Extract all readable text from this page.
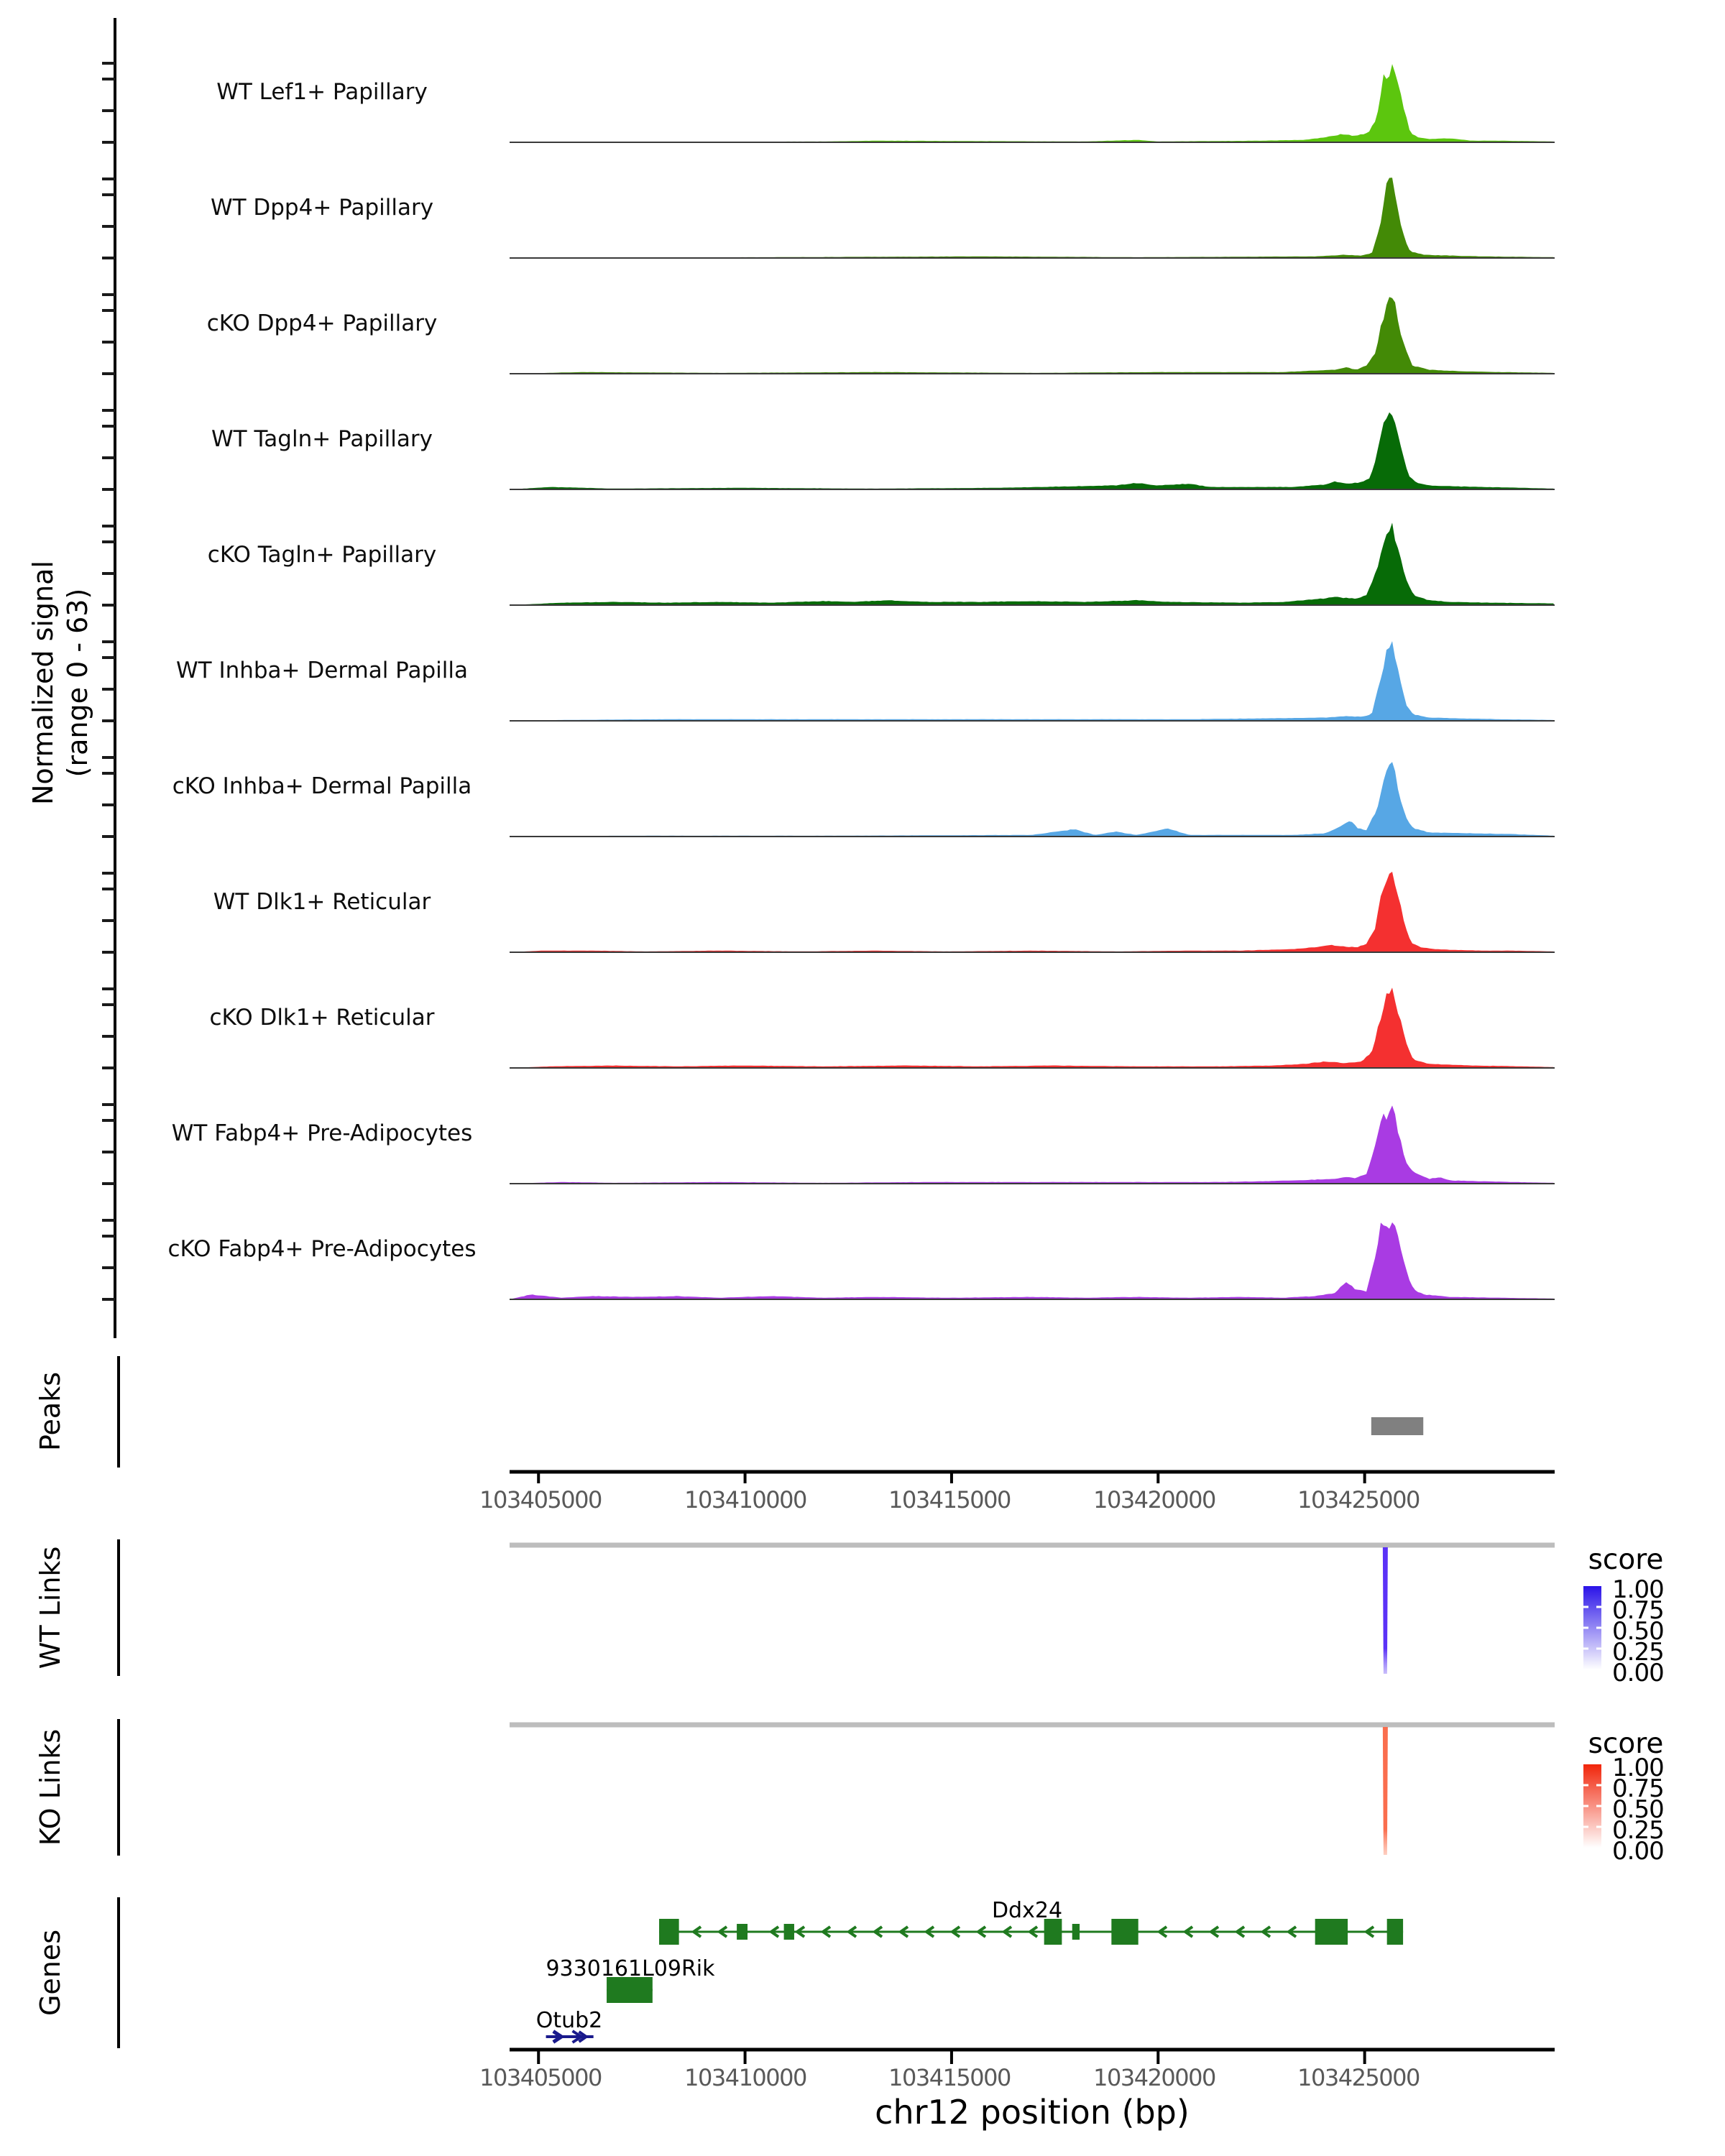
Normalized signal (range 0 - 63)
WT Lef1+ Papillary
WT Dpp4+ Papillary
cKO Dpp4+ Papillary
WT Tagln+ Papillary
cKO Tagln+ Papillary
WT Inhba+ Dermal Papilla
cKO Inhba+ Dermal Papilla
WT Dlk1+ Reticular
cKO Dlk1+ Reticular
WT Fabp4+ Pre-Adipocytes
cKO Fabp4+ Pre-Adipocytes
Peaks
WT Links
KO Links
Genes
103405000	103410000	103415000	103420000	103425000
score
1.00
0.75
0.50
0.25
0.00
score
1.00
0.75
0.50
0.25
0.00
Ddx24
9330161L09Rik
Otub2
103405000	103410000	103415000	103420000	103425000
chr12 position (bp)
